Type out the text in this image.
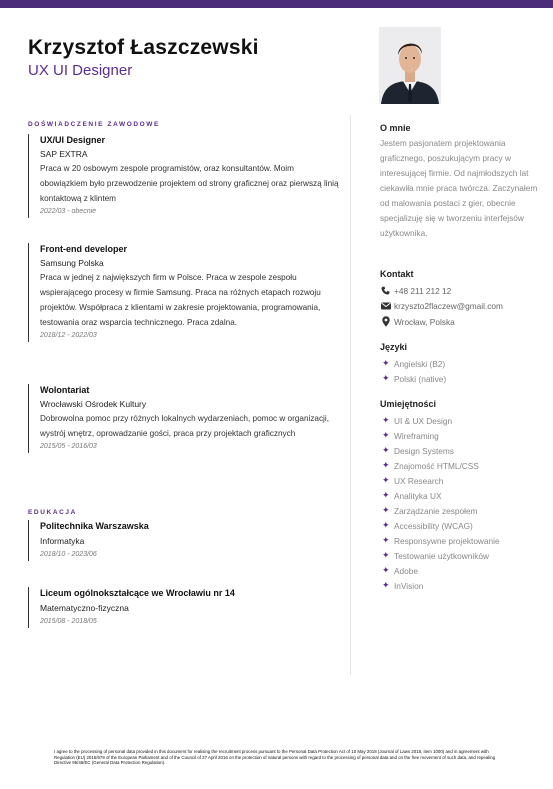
Krzysztof Łaszczewski
UX UI Designer
DOŚWIADCZENIE ZAWODOWE
UX/UI Designer
SAP EXTRA
Praca w 20 osbowym zespole programistów, oraz konsultantów. Moim obowiązkiem było przewodzenie projektem od strony graficznej oraz pierwszą linią kontaktową z klintem
2022/03 - obecnie
Front-end developer
Samsung Polska
Praca w jednej z największych firm w Polsce. Praca w zespole zespołu wspierającego procesy w firmie Samsung. Praca na różnych etapach rozwoju projektów. Współpraca z klientami w zakresie projektowania, programowania, testowania oraz wsparcia technicznego. Praca zdalna.
2018/12 - 2022/03
Wolontariat
Wrocławski Ośrodek Kultury
Dobrowolna pomoc przy różnych lokalnych wydarzeniach, pomoc w organizacji, wystrój wnętrz, oprowadzanie gości, praca przy projektach graficznych
2015/05 - 2016/03
EDUKACJA
Politechnika Warszawska
Informatyka
2018/10 - 2023/06
Liceum ogólnokształcące we Wrocławiu nr 14
Matematyczno-fizyczna
2015/08 - 2018/05
O mnie
Jestem pasjonatem projektowania graficznego, poszukującym pracy w interesującej firmie. Od najmłodszych lat ciekawiła mnie praca twórcza. Zaczynałem od malowania postaci z gier, obecnie specjalizuję się w tworzeniu interfejsów użytkownika.
Kontakt
+48 211 212 12
krzyszto2flaczew@gmail.com
Wrocław, Polska
Języki
✦ Angielski (B2)
✦ Polski (native)
Umiejętności
✦ UI & UX Design
✦ Wireframing
✦ Design Systems
✦ Znajomość HTML/CSS
✦ UX Research
✦ Analityka UX
✦ Zarządzanie zespołem
✦ Accessibility (WCAG)
✦ Responsywne projektowanie
✦ Testowanie użytkowników
✦ Adobe
✦ InVision
I agree to the processing of personal data provided in this document for realising the recruitment process pursuant to the Personal Data Protection Act of 10 May 2018 (Journal of Laws 2018, item 1000) and in agreement with Regulation (EU) 2016/679 of the European Parliament and of the Council of 27 April 2016 on the protection of natural persons with regard to the processing of personal data and on the free movement of such data, and repealing Directive 95/46/EC (General Data Protection Regulation).
